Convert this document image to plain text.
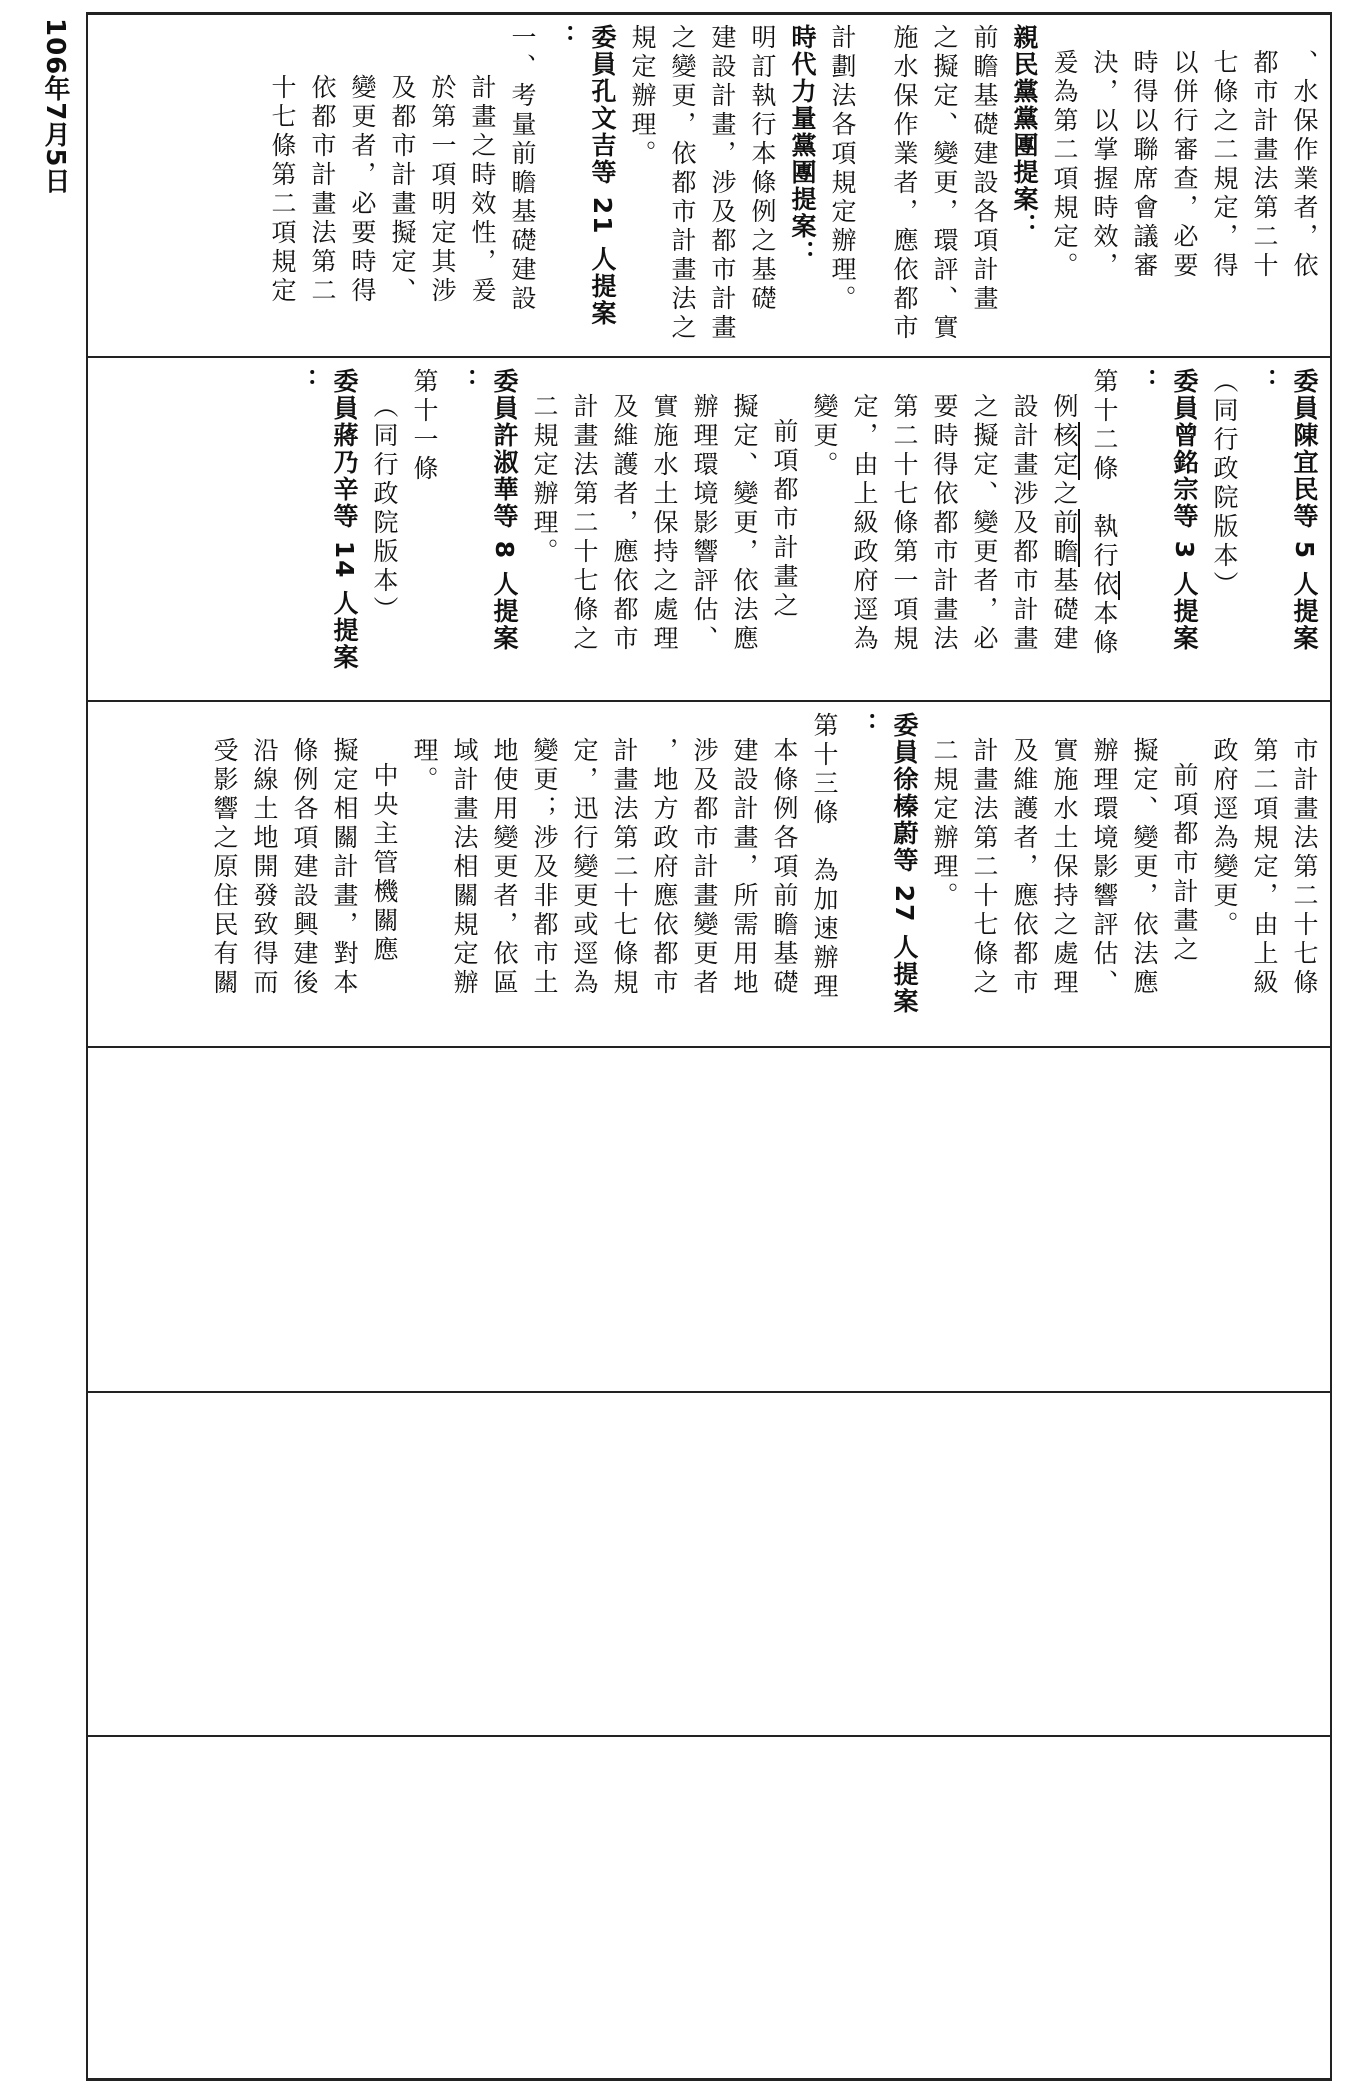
106年7月5日	、水保作業者，依

都市計畫法第二十

七條之二規定，得

以併行審查，必要

時得以聯席會議審

決，以掌握時效，

爰為第二項規定。

親民黨黨團提案：

前瞻基礎建設各項計畫

之擬定、變更，環評、實

施水保作業者，應依都市

計劃法各項規定辦理。

時代力量黨團提案：

明訂執行本條例之基礎

建設計畫，涉及都市計畫

之變更，依都市計畫法之

規定辦理。

委員孔文吉等 21 人提案

：

一、考量前瞻基礎建設

計畫之時效性，爰

於第一項明定其涉

及都市計畫擬定、

變更者，必要時得

依都市計畫法第二

十七條第二項規定

委員陳宜民等 5 人提案

：

（同行政院版本）

委員曾銘宗等 3 人提案

：

第十二條　執行依本條

例核定之前瞻基礎建

設計畫涉及都市計畫

之擬定、變更者，必

要時得依都市計畫法

第二十七條第一項規

定，由上級政府逕為

變更。

前項都市計畫之

擬定、變更，依法應

辦理環境影響評估、

實施水土保持之處理

及維護者，應依都市

計畫法第二十七條之

二規定辦理。

委員許淑華等 8 人提案

：

第十一條

（同行政院版本）

委員蔣乃辛等 14 人提案

：

市計畫法第二十七條

第二項規定，由上級

政府逕為變更。

前項都市計畫之

擬定、變更，依法應

辦理環境影響評估、

實施水土保持之處理

及維護者，應依都市

計畫法第二十七條之

二規定辦理。

委員徐榛蔚等 27 人提案

：

第十三條　為加速辦理

本條例各項前瞻基礎

建設計畫，所需用地

涉及都市計畫變更者

，地方政府應依都市

計畫法第二十七條規

定，迅行變更或逕為

變更；涉及非都市土

地使用變更者，依區

域計畫法相關規定辦

理。

中央主管機關應

擬定相關計畫，對本

條例各項建設興建後

沿線土地開發致得而

受影響之原住民有關
